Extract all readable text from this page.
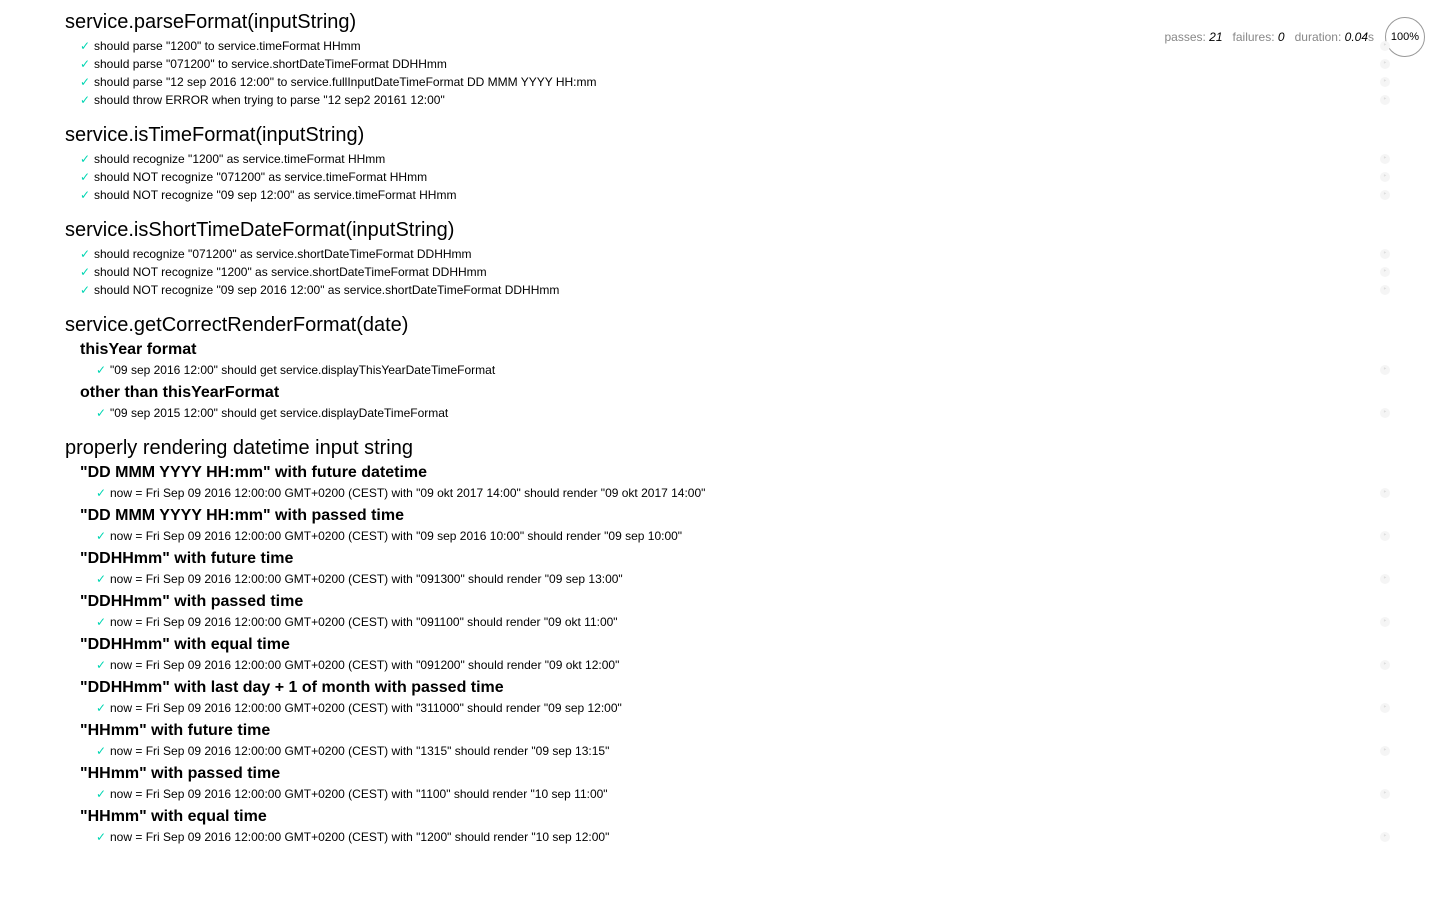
passes: 21 failures: 0 duration: 0.04s 100%
service.parseFormat(inputString)
✓ should parse "1200" to service.timeFormat HHmm	‣
✓ should parse "071200" to service.shortDateTimeFormat DDHHmm	‣
✓ should parse "12 sep 2016 12:00" to service.fullInputDateTimeFormat DD MMM YYYY HH:mm	‣
✓ should throw ERROR when trying to parse "12 sep2 20161 12:00"	‣
service.isTimeFormat(inputString)
✓ should recognize "1200" as service.timeFormat HHmm	‣
✓ should NOT recognize "071200" as service.timeFormat HHmm	‣
✓ should NOT recognize "09 sep 12:00" as service.timeFormat HHmm	‣
service.isShortTimeDateFormat(inputString)
✓ should recognize "071200" as service.shortDateTimeFormat DDHHmm	‣
✓ should NOT recognize "1200" as service.shortDateTimeFormat DDHHmm	‣
✓ should NOT recognize "09 sep 2016 12:00" as service.shortDateTimeFormat DDHHmm	‣
service.getCorrectRenderFormat(date)
thisYear format
✓ "09 sep 2016 12:00" should get service.displayThisYearDateTimeFormat	‣
other than thisYearFormat
✓ "09 sep 2015 12:00" should get service.displayDateTimeFormat	‣
properly rendering datetime input string
"DD MMM YYYY HH:mm" with future datetime
✓ now = Fri Sep 09 2016 12:00:00 GMT+0200 (CEST) with "09 okt 2017 14:00" should render "09 okt 2017 14:00"	‣
"DD MMM YYYY HH:mm" with passed time
✓ now = Fri Sep 09 2016 12:00:00 GMT+0200 (CEST) with "09 sep 2016 10:00" should render "09 sep 10:00"	‣
"DDHHmm" with future time
✓ now = Fri Sep 09 2016 12:00:00 GMT+0200 (CEST) with "091300" should render "09 sep 13:00"	‣
"DDHHmm" with passed time
✓ now = Fri Sep 09 2016 12:00:00 GMT+0200 (CEST) with "091100" should render "09 okt 11:00"	‣
"DDHHmm" with equal time
✓ now = Fri Sep 09 2016 12:00:00 GMT+0200 (CEST) with "091200" should render "09 okt 12:00"	‣
"DDHHmm" with last day + 1 of month with passed time
✓ now = Fri Sep 09 2016 12:00:00 GMT+0200 (CEST) with "311000" should render "09 sep 12:00"	‣
"HHmm" with future time
✓ now = Fri Sep 09 2016 12:00:00 GMT+0200 (CEST) with "1315" should render "09 sep 13:15"	‣
"HHmm" with passed time
✓ now = Fri Sep 09 2016 12:00:00 GMT+0200 (CEST) with "1100" should render "10 sep 11:00"	‣
"HHmm" with equal time
✓ now = Fri Sep 09 2016 12:00:00 GMT+0200 (CEST) with "1200" should render "10 sep 12:00"	‣
